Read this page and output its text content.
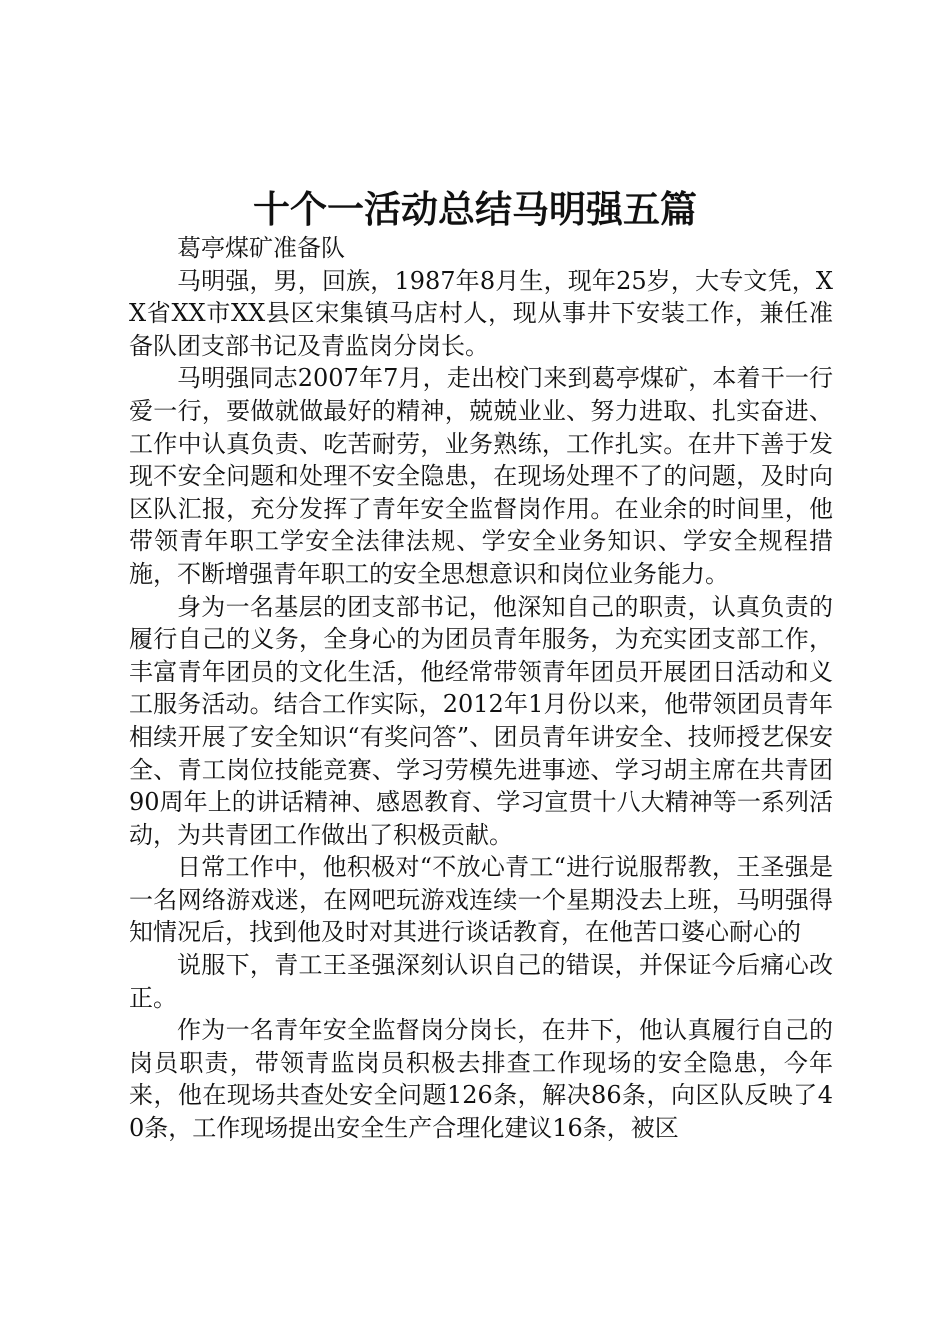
十个一活动总结马明强五篇

葛亭煤矿准备队

马明强，男，回族，1987年8月生，现年25岁，大专文凭，XX省XX市XX县区宋集镇马店村人，现从事井下安装工作，兼任准备队团支部书记及青监岗分岗长。

马明强同志2007年7月，走出校门来到葛亭煤矿，本着干一行爱一行，要做就做最好的精神，兢兢业业、努力进取、扎实奋进、工作中认真负责、吃苦耐劳，业务熟练，工作扎实。在井下善于发现不安全问题和处理不安全隐患，在现场处理不了的问题，及时向区队汇报，充分发挥了青年安全监督岗作用。在业余的时间里，他带领青年职工学安全法律法规、学安全业务知识、学安全规程措施，不断增强青年职工的安全思想意识和岗位业务能力。

身为一名基层的团支部书记，他深知自己的职责，认真负责的履行自己的义务，全身心的为团员青年服务，为充实团支部工作，丰富青年团员的文化生活，他经常带领青年团员开展团日活动和义工服务活动。结合工作实际，2012年1月份以来，他带领团员青年相续开展了安全知识“有奖问答”、团员青年讲安全、技师授艺保安全、青工岗位技能竞赛、学习劳模先进事迹、学习胡主席在共青团90周年上的讲话精神、感恩教育、学习宣贯十八大精神等一系列活动，为共青团工作做出了积极贡献。

日常工作中，他积极对“不放心青工“进行说服帮教，王圣强是一名网络游戏迷，在网吧玩游戏连续一个星期没去上班，马明强得知情况后，找到他及时对其进行谈话教育，在他苦口婆心耐心的

说服下，青工王圣强深刻认识自己的错误，并保证今后痛心改正。

作为一名青年安全监督岗分岗长，在井下，他认真履行自己的岗员职责，带领青监岗员积极去排查工作现场的安全隐患，今年来，他在现场共查处安全问题126条，解决86条，向区队反映了40条，工作现场提出安全生产合理化建议16条，被区
